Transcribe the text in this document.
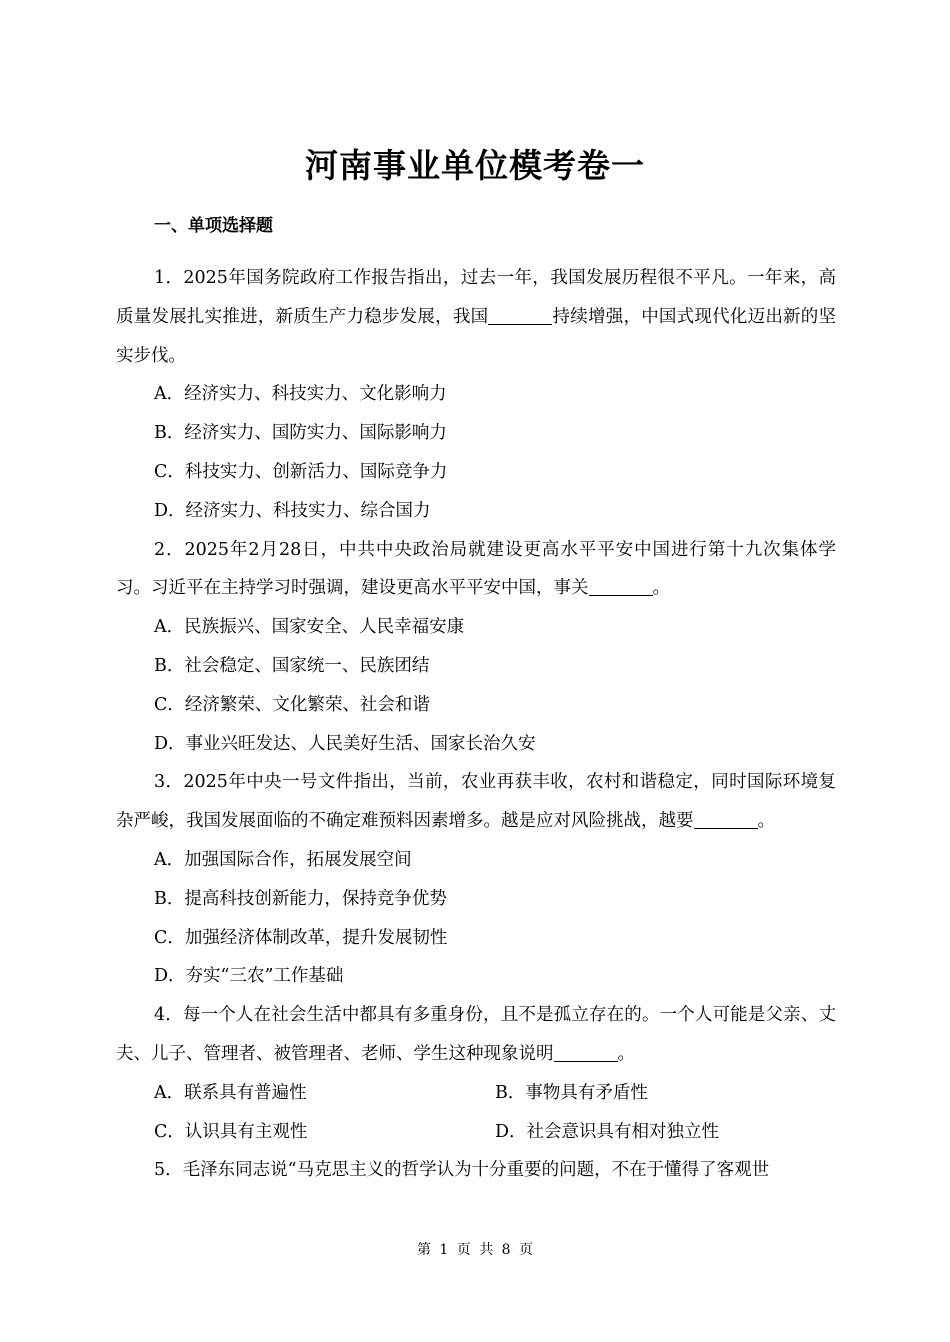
河南事业单位模考卷一
一、单项选择题

1．2025年国务院政府工作报告指出，过去一年，我国发展历程很不平凡。一年来，高质量发展扎实推进，新质生产力稳步发展，我国	持续增强，中国式现代化迈出新的坚实步伐。

A．经济实力、科技实力、文化影响力

B．经济实力、国防实力、国际影响力

C．科技实力、创新活力、国际竞争力

D．经济实力、科技实力、综合国力

2．2025年2月28日，中共中央政治局就建设更高水平平安中国进行第十九次集体学习。习近平在主持学习时强调，建设更高水平平安中国，事关	。

A．民族振兴、国家安全、人民幸福安康

B．社会稳定、国家统一、民族团结

C．经济繁荣、文化繁荣、社会和谐

D．事业兴旺发达、人民美好生活、国家长治久安

3．2025年中央一号文件指出，当前，农业再获丰收，农村和谐稳定，同时国际环境复杂严峻，我国发展面临的不确定难预料因素增多。越是应对风险挑战，越要	。

A．加强国际合作，拓展发展空间

B．提高科技创新能力，保持竞争优势

C．加强经济体制改革，提升发展韧性

D．夯实“三农”工作基础

4．每一个人在社会生活中都具有多重身份，且不是孤立存在的。一个人可能是父亲、丈夫、儿子、管理者、被管理者、老师、学生这种现象说明	。

A．联系具有普遍性	B．事物具有矛盾性
C．认识具有主观性	D．社会意识具有相对独立性

5．毛泽东同志说“马克思主义的哲学认为十分重要的问题，不在于懂得了客观世

第 1 页 共 8 页
